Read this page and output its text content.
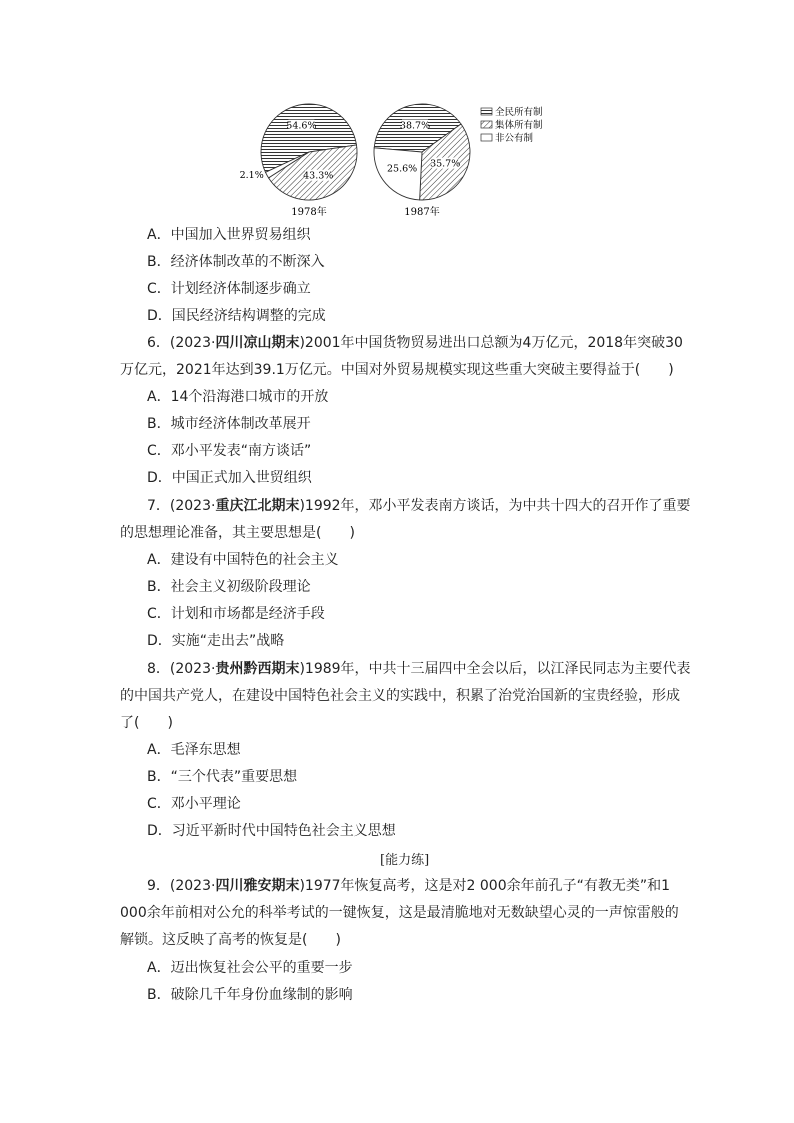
54.6%
43.3%
2.1%
38.7%
35.7%
25.6%
1978年	1987年
全民所有制
集体所有制
非公有制
A．中国加入世界贸易组织
B．经济体制改革的不断深入
C．计划经济体制逐步确立
D．国民经济结构调整的完成
6．(2023·四川凉山期末)2001年中国货物贸易进出口总额为4万亿元，2018年突破30
万亿元，2021年达到39.1万亿元。中国对外贸易规模实现这些重大突破主要得益于(　　)
A．14个沿海港口城市的开放
B．城市经济体制改革展开
C．邓小平发表“南方谈话”
D．中国正式加入世贸组织
7．(2023·重庆江北期末)1992年，邓小平发表南方谈话，为中共十四大的召开作了重要
的思想理论准备，其主要思想是(　　)
A．建设有中国特色的社会主义
B．社会主义初级阶段理论
C．计划和市场都是经济手段
D．实施“走出去”战略
8．(2023·贵州黔西期末)1989年，中共十三届四中全会以后，以江泽民同志为主要代表
的中国共产党人，在建设中国特色社会主义的实践中，积累了治党治国新的宝贵经验，形成
了(　　)
A．毛泽东思想
B．“三个代表”重要思想
C．邓小平理论
D．习近平新时代中国特色社会主义思想
[能力练]
9．(2023·四川雅安期末)1977年恢复高考，这是对2 000余年前孔子“有教无类”和1
000余年前相对公允的科举考试的一键恢复，这是最清脆地对无数缺望心灵的一声惊雷般的
解锁。这反映了高考的恢复是(　　)
A．迈出恢复社会公平的重要一步
B．破除几千年身份血缘制的影响
